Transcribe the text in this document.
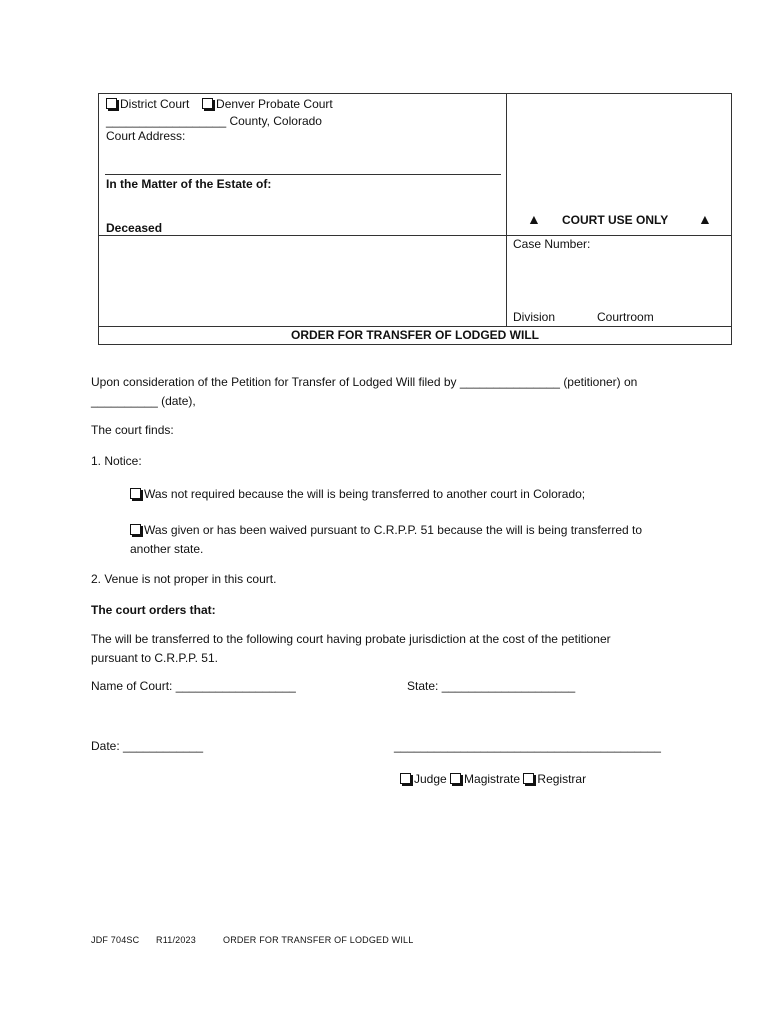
District Court Denver Probate Court
__________________ County, Colorado
Court Address:
In the Matter of the Estate of:
Deceased
▲ COURT USE ONLY ▲
Case Number:
Division	Courtroom
ORDER FOR TRANSFER OF LODGED WILL
Upon consideration of the Petition for Transfer of Lodged Will filed by _______________ (petitioner) on
__________ (date),
The court finds:
1. Notice:
Was not required because the will is being transferred to another court in Colorado;
Was given or has been waived pursuant to C.R.P.P. 51 because the will is being transferred to
another state.
2. Venue is not proper in this court.
The court orders that:
The will be transferred to the following court having probate jurisdiction at the cost of the petitioner
pursuant to C.R.P.P. 51.
Name of Court: __________________	State: ____________________
Date: ____________	________________________________________
Judge Magistrate Registrar
JDF 704SC R11/2023	ORDER FOR TRANSFER OF LODGED WILL
